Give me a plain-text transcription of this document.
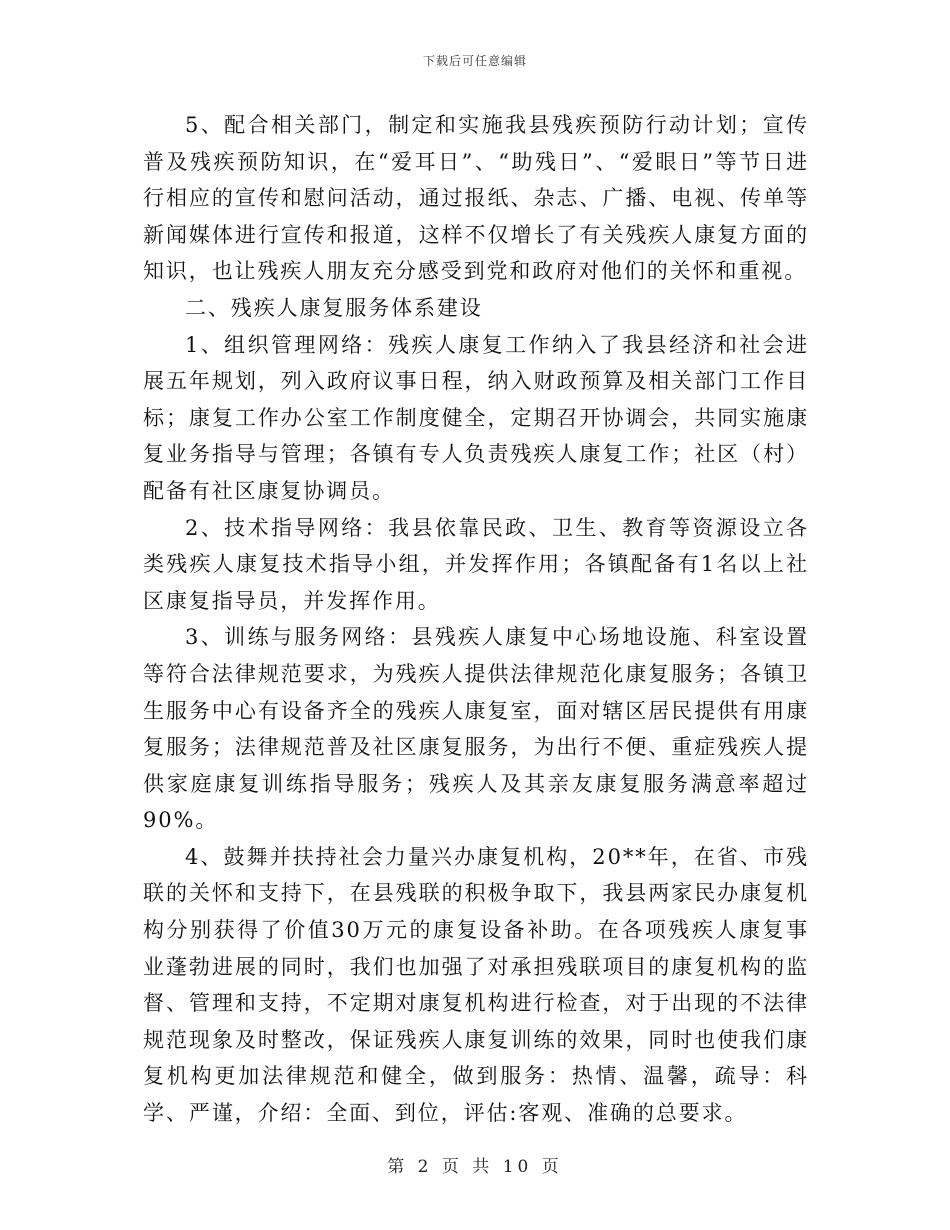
下载后可任意编辑

5、配合相关部门，制定和实施我县残疾预防行动计划；宣传普及残疾预防知识，在“爱耳日”、“助残日”、“爱眼日”等节日进行相应的宣传和慰问活动，通过报纸、杂志、广播、电视、传单等新闻媒体进行宣传和报道，这样不仅增长了有关残疾人康复方面的知识，也让残疾人朋友充分感受到党和政府对他们的关怀和重视。

二、残疾人康复服务体系建设

1、组织管理网络：残疾人康复工作纳入了我县经济和社会进展五年规划，列入政府议事日程，纳入财政预算及相关部门工作目标；康复工作办公室工作制度健全，定期召开协调会，共同实施康复业务指导与管理；各镇有专人负责残疾人康复工作；社区（村）配备有社区康复协调员。

2、技术指导网络：我县依靠民政、卫生、教育等资源设立各类残疾人康复技术指导小组，并发挥作用；各镇配备有1名以上社区康复指导员，并发挥作用。

3、训练与服务网络：县残疾人康复中心场地设施、科室设置等符合法律规范要求，为残疾人提供法律规范化康复服务；各镇卫生服务中心有设备齐全的残疾人康复室，面对辖区居民提供有用康复服务；法律规范普及社区康复服务，为出行不便、重症残疾人提供家庭康复训练指导服务；残疾人及其亲友康复服务满意率超过90%。

4、鼓舞并扶持社会力量兴办康复机构，20**年，在省、市残联的关怀和支持下，在县残联的积极争取下，我县两家民办康复机构分别获得了价值30万元的康复设备补助。在各项残疾人康复事业蓬勃进展的同时，我们也加强了对承担残联项目的康复机构的监督、管理和支持，不定期对康复机构进行检查，对于出现的不法律规范现象及时整改，保证残疾人康复训练的效果，同时也使我们康复机构更加法律规范和健全，做到服务：热情、温馨，疏导：科学、严谨，介绍：全面、到位，评估:客观、准确的总要求。

第 2 页 共 10 页
